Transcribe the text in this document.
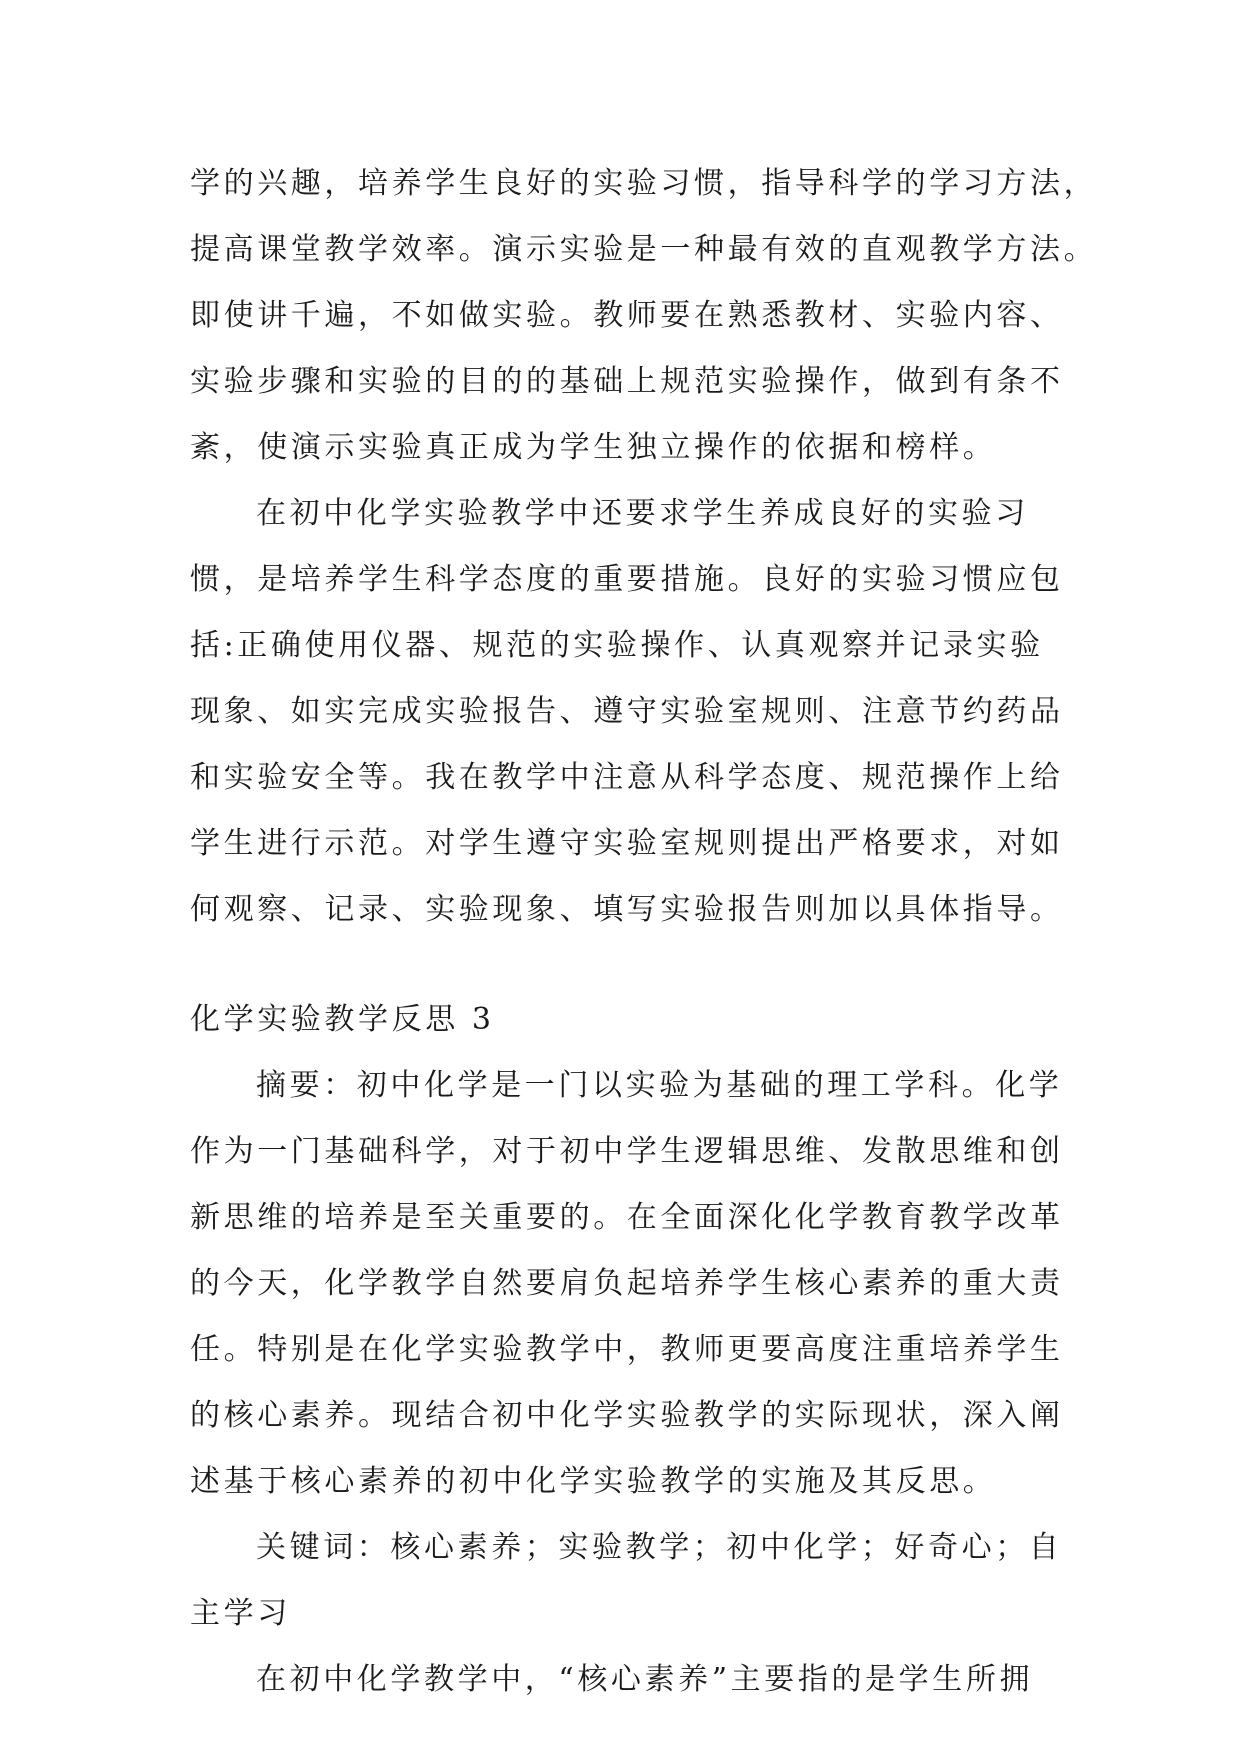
学的兴趣，培养学生良好的实验习惯，指导科学的学习方法，
提高课堂教学效率。演示实验是一种最有效的直观教学方法。
即使讲千遍，不如做实验。教师要在熟悉教材、实验内容、
实验步骤和实验的目的的基础上规范实验操作，做到有条不
紊，使演示实验真正成为学生独立操作的依据和榜样。
在初中化学实验教学中还要求学生养成良好的实验习
惯，是培养学生科学态度的重要措施。良好的实验习惯应包
括:正确使用仪器、规范的实验操作、认真观察并记录实验
现象、如实完成实验报告、遵守实验室规则、注意节约药品
和实验安全等。我在教学中注意从科学态度、规范操作上给
学生进行示范。对学生遵守实验室规则提出严格要求，对如
何观察、记录、实验现象、填写实验报告则加以具体指导。
化学实验教学反思 3
摘要：初中化学是一门以实验为基础的理工学科。化学
作为一门基础科学，对于初中学生逻辑思维、发散思维和创
新思维的培养是至关重要的。在全面深化化学教育教学改革
的今天，化学教学自然要肩负起培养学生核心素养的重大责
任。特别是在化学实验教学中，教师更要高度注重培养学生
的核心素养。现结合初中化学实验教学的实际现状，深入阐
述基于核心素养的初中化学实验教学的实施及其反思。
关键词：核心素养；实验教学；初中化学；好奇心；自
主学习
在初中化学教学中，“核心素养”主要指的是学生所拥
